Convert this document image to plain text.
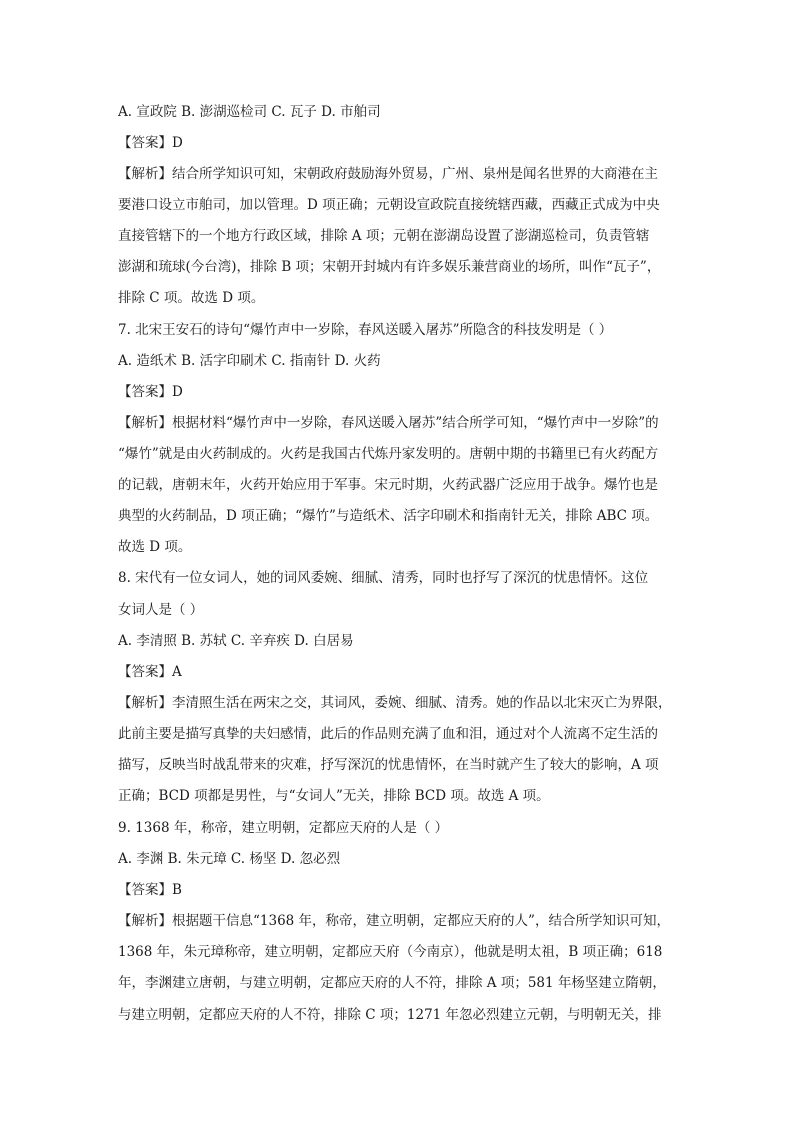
A. 宣政院 B. 澎湖巡检司 C. 瓦子 D. 市舶司
【答案】D
【解析】结合所学知识可知，宋朝政府鼓励海外贸易，广州、泉州是闻名世界的大商港在主
要港口设立市舶司，加以管理。D 项正确；元朝设宣政院直接统辖西藏，西藏正式成为中央
直接管辖下的一个地方行政区域，排除 A 项；元朝在澎湖岛设置了澎湖巡检司，负责管辖
澎湖和琉球(今台湾)，排除 B 项；宋朝开封城内有许多娱乐兼营商业的场所，叫作“瓦子”，
排除 C 项。故选 D 项。
7. 北宋王安石的诗句“爆竹声中一岁除，春风送暖入屠苏”所隐含的科技发明是（ ）
A. 造纸术 B. 活字印刷术 C. 指南针 D. 火药
【答案】D
【解析】根据材料“爆竹声中一岁除，春风送暖入屠苏”结合所学可知，“爆竹声中一岁除”的
“爆竹”就是由火药制成的。火药是我国古代炼丹家发明的。唐朝中期的书籍里已有火药配方
的记载，唐朝末年，火药开始应用于军事。宋元时期，火药武器广泛应用于战争。爆竹也是
典型的火药制品，D 项正确；“爆竹”与造纸术、活字印刷术和指南针无关，排除 ABC 项。
故选 D 项。
8. 宋代有一位女词人，她的词风委婉、细腻、清秀，同时也抒写了深沉的忧患情怀。这位
女词人是（ ）
A. 李清照 B. 苏轼 C. 辛弃疾 D. 白居易
【答案】A
【解析】李清照生活在两宋之交，其词风，委婉、细腻、清秀。她的作品以北宋灭亡为界限，
此前主要是描写真挚的夫妇感情，此后的作品则充满了血和泪，通过对个人流离不定生活的
描写，反映当时战乱带来的灾难，抒写深沉的忧患情怀，在当时就产生了较大的影响，A 项
正确；BCD 项都是男性，与“女词人”无关，排除 BCD 项。故选 A 项。
9. 1368 年，称帝，建立明朝，定都应天府的人是（ ）
A. 李渊 B. 朱元璋 C. 杨坚 D. 忽必烈
【答案】B
【解析】根据题干信息“1368 年，称帝，建立明朝，定都应天府的人”，结合所学知识可知，
1368 年，朱元璋称帝，建立明朝，定都应天府（今南京），他就是明太祖，B 项正确；618
年，李渊建立唐朝，与建立明朝，定都应天府的人不符，排除 A 项；581 年杨坚建立隋朝，
与建立明朝，定都应天府的人不符，排除 C 项；1271 年忽必烈建立元朝，与明朝无关，排
